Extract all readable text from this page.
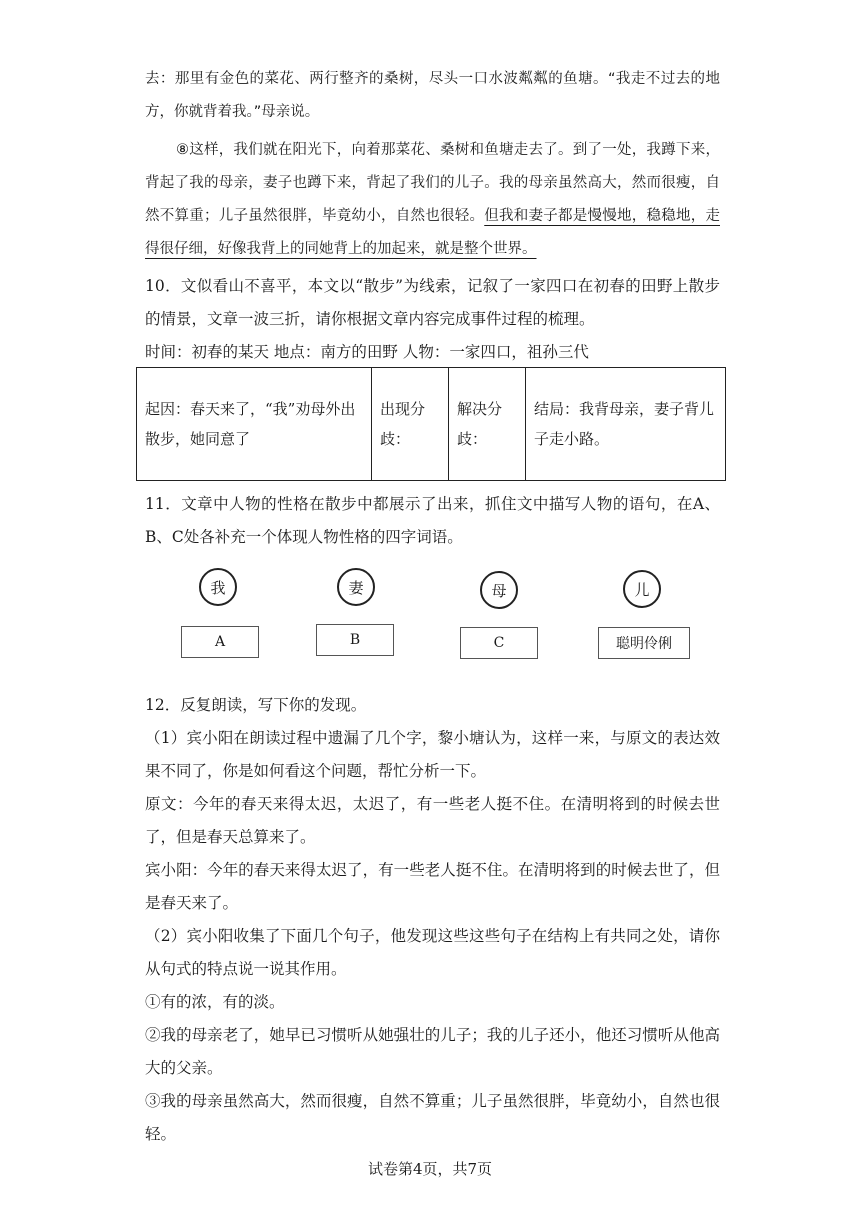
去：那里有金色的菜花、两行整齐的桑树，尽头一口水波粼粼的鱼塘。“我走不过去的地方，你就背着我。”母亲说。

⑧这样，我们就在阳光下，向着那菜花、桑树和鱼塘走去了。到了一处，我蹲下来，背起了我的母亲，妻子也蹲下来，背起了我们的儿子。我的母亲虽然高大，然而很瘦，自然不算重；儿子虽然很胖，毕竟幼小，自然也很轻。但我和妻子都是慢慢地，稳稳地，走得很仔细，好像我背上的同她背上的加起来，就是整个世界。

10．文似看山不喜平，本文以“散步”为线索，记叙了一家四口在初春的田野上散步的情景，文章一波三折，请你根据文章内容完成事件过程的梳理。

时间：初春的某天 地点：南方的田野 人物：一家四口，祖孙三代

起因：春天来了，“我”劝母外出散步，她同意了	出现分歧：	解决分歧：	结局：我背母亲，妻子背儿子走小路。

11．文章中人物的性格在散步中都展示了出来，抓住文中描写人物的语句，在A、B、C处各补充一个体现人物性格的四字词语。

我	妻	母	儿
A	B	C	聪明伶俐

12．反复朗读，写下你的发现。

（1）宾小阳在朗读过程中遗漏了几个字，黎小塘认为，这样一来，与原文的表达效果不同了，你是如何看这个问题，帮忙分析一下。

原文：今年的春天来得太迟，太迟了，有一些老人挺不住。在清明将到的时候去世了，但是春天总算来了。

宾小阳：今年的春天来得太迟了，有一些老人挺不住。在清明将到的时候去世了，但是春天来了。

（2）宾小阳收集了下面几个句子，他发现这些这些句子在结构上有共同之处，请你从句式的特点说一说其作用。

①有的浓，有的淡。

②我的母亲老了，她早已习惯听从她强壮的儿子；我的儿子还小，他还习惯听从他高大的父亲。

③我的母亲虽然高大，然而很瘦，自然不算重；儿子虽然很胖，毕竟幼小，自然也很轻。

试卷第4页，共7页
